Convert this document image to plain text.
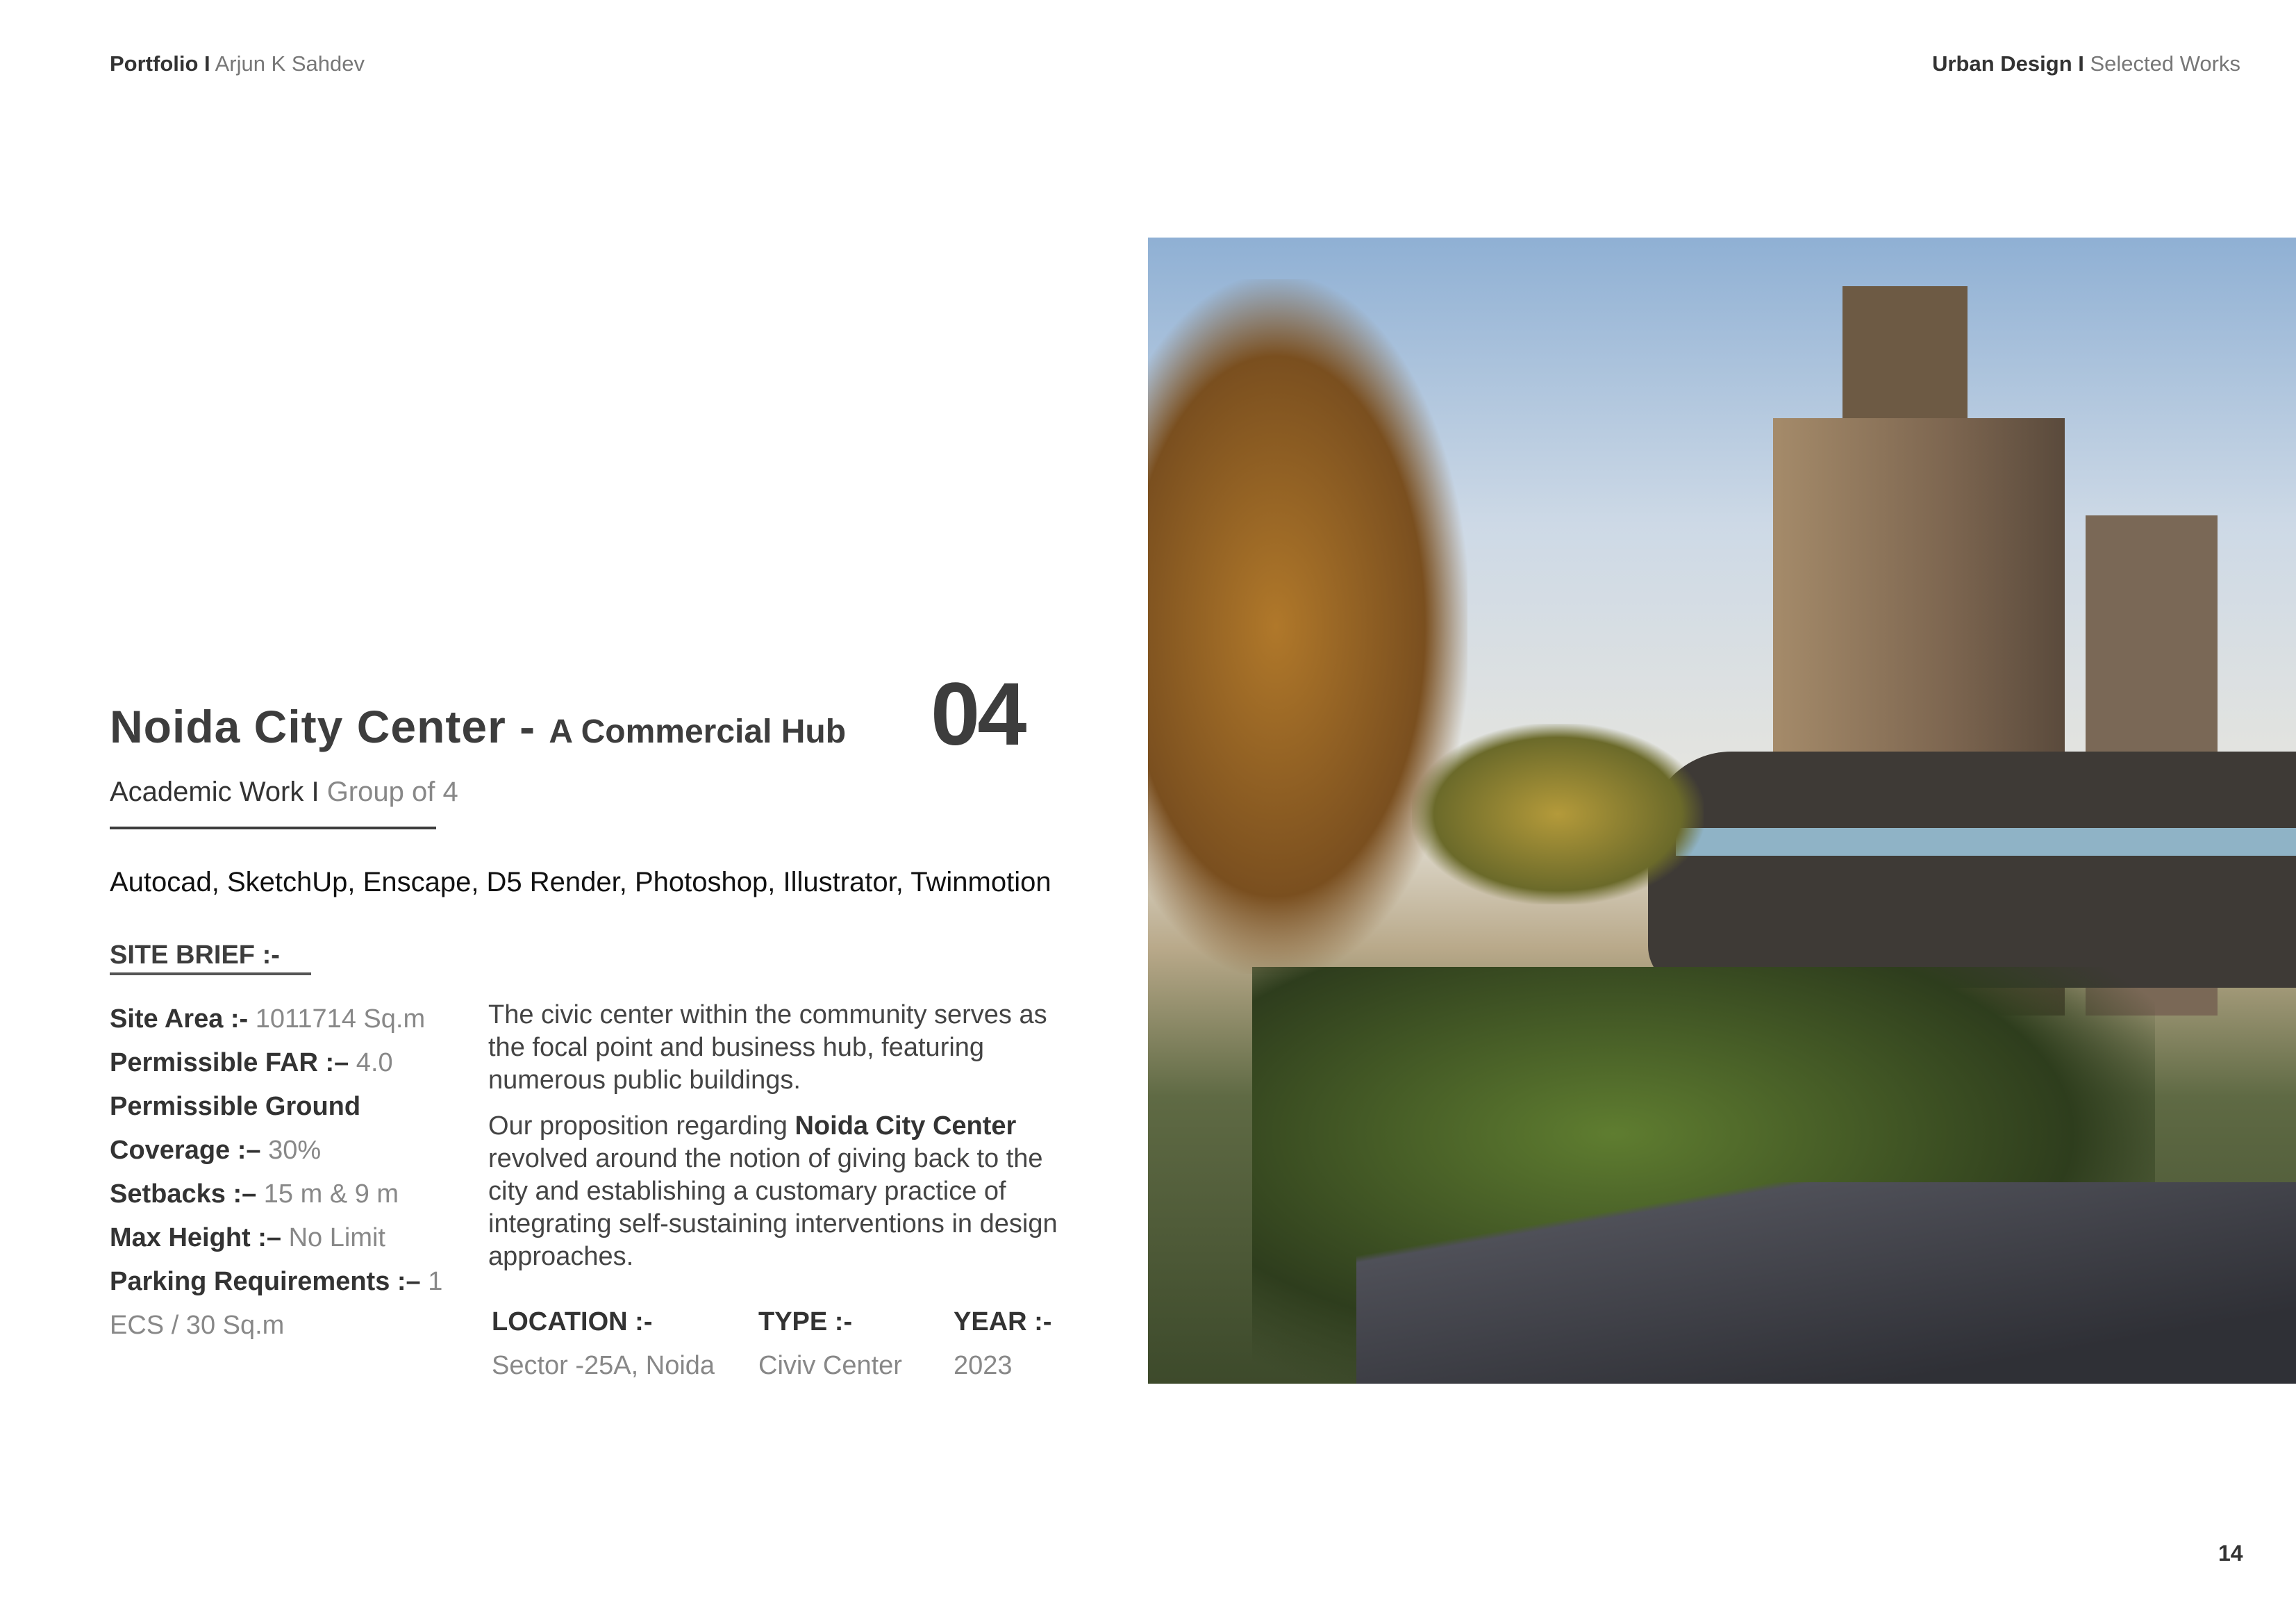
Portfolio I Arjun K Sahdev	Urban Design I Selected Works
Noida City Center - A Commercial Hub 04
Academic Work I Group of 4
Autocad, SketchUp, Enscape, D5 Render, Photoshop, Illustrator, Twinmotion
SITE BRIEF :-
Site Area :- 1011714 Sq.m
Permissible FAR :– 4.0
Permissible Ground
Coverage :– 30%
Setbacks :– 15 m & 9 m
Max Height :– No Limit
Parking Requirements :– 1
ECS / 30 Sq.m
The civic center within the community serves as the focal point and business hub, featuring numerous public buildings.
Our proposition regarding Noida City Center revolved around the notion of giving back to the city and establishing a customary practice of integrating self-sustaining interventions in design approaches.
LOCATION :-
Sector -25A, Noida
TYPE :-
Civiv Center
YEAR :-
2023
14
